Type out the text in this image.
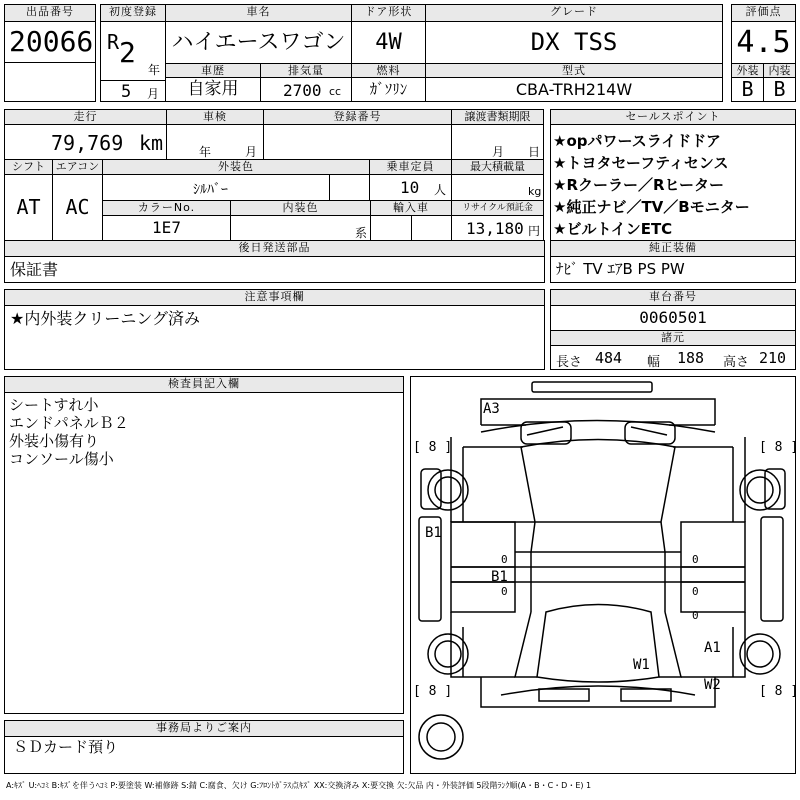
出品番号
20066
初度登録
R 2
年
5 月
車名
ハイエースワゴン
車歴
自家用
排気量
2700 cc
ドア形状
4W
燃料
ｶﾞｿﾘﾝ
グレード
DX TSS
型式
CBA-TRH214W
評価点
4.5
外装 内装
B B
走行
79,769 km
車検
年	月
登録番号	譲渡書類期限
月 日
セールスポイント
★opパワースライドドア
★トヨタセーフティセンス
★Rクーラー／Rヒーター
★純正ナビ／TV／Bモニター
★ビルトインETC
シフト
AT
エアコン
AC
外装色
ｼﾙﾊﾞｰ
乗車定員
10 人
最大積載量
kg
カラーNo.
1E7
内装色
系
輸入車	リサイクル預託金
13,180 円
後日発送部品
保証書
純正装備
ﾅﾋﾞ TV ｴｱB PS PW
注意事項欄
★内外装クリーニング済み
車台番号
0060501
諸元
長さ 484 幅 188 高さ 210
検査員記入欄
シートすれ小
エンドパネルＢ２
外装小傷有り
コンソール傷小
事務局よりご案内
ＳＤカード預り
A3
B1
B1
A1
W1
W2
0	0
0	0
0
[ 8 ]	[ 8 ]
[ 8 ]	[ 8 ]
A:ｷｽﾞ U:ﾍｺﾐ B:ｷｽﾞを伴うﾍｺﾐ P:要塗装 W:補修跡 S:錆 C:腐食、欠け G:ﾌﾛﾝﾄｶﾞﾗｽ点ｷｽﾞ XX:交換済み X:要交換 欠:欠品 内・外装評価 5段階ﾗﾝｸ順(A・B・C・D・E) 1
